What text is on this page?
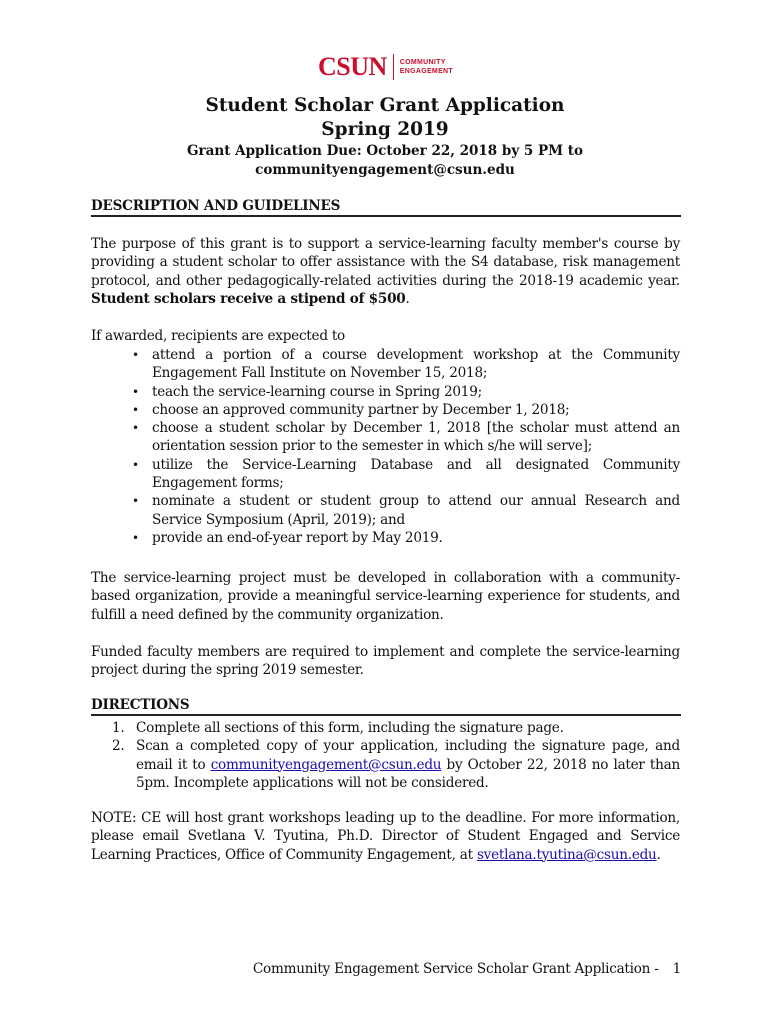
CSUN COMMUNITY
ENGAGEMENT
Student Scholar Grant Application
Spring 2019
Grant Application Due: October 22, 2018 by 5 PM to
communityengagement@csun.edu
DESCRIPTION AND GUIDELINES

The purpose of this grant is to support a service-learning faculty member's course by providing a student scholar to offer assistance with the S4 database, risk management protocol, and other pedagogically-related activities during the 2018-19 academic year. Student scholars receive a stipend of $500.

If awarded, recipients are expected to

• attend a portion of a course development workshop at the Community Engagement Fall Institute on November 15, 2018;
• teach the service-learning course in Spring 2019;
• choose an approved community partner by December 1, 2018;
• choose a student scholar by December 1, 2018 [the scholar must attend an orientation session prior to the semester in which s/he will serve];
• utilize the Service-Learning Database and all designated Community Engagement forms;
• nominate a student or student group to attend our annual Research and Service Symposium (April, 2019); and
• provide an end-of-year report by May 2019.

The service-learning project must be developed in collaboration with a community-based organization, provide a meaningful service-learning experience for students, and fulfill a need defined by the community organization.

Funded faculty members are required to implement and complete the service-learning project during the spring 2019 semester.

DIRECTIONS
1. Complete all sections of this form, including the signature page.
2. Scan a completed copy of your application, including the signature page, and email it to communityengagement@csun.edu by October 22, 2018 no later than 5pm. Incomplete applications will not be considered.

NOTE: CE will host grant workshops leading up to the deadline. For more information, please email Svetlana V. Tyutina, Ph.D. Director of Student Engaged and Service Learning Practices, Office of Community Engagement, at svetlana.tyutina@csun.edu.

Community Engagement Service Scholar Grant Application - 1
